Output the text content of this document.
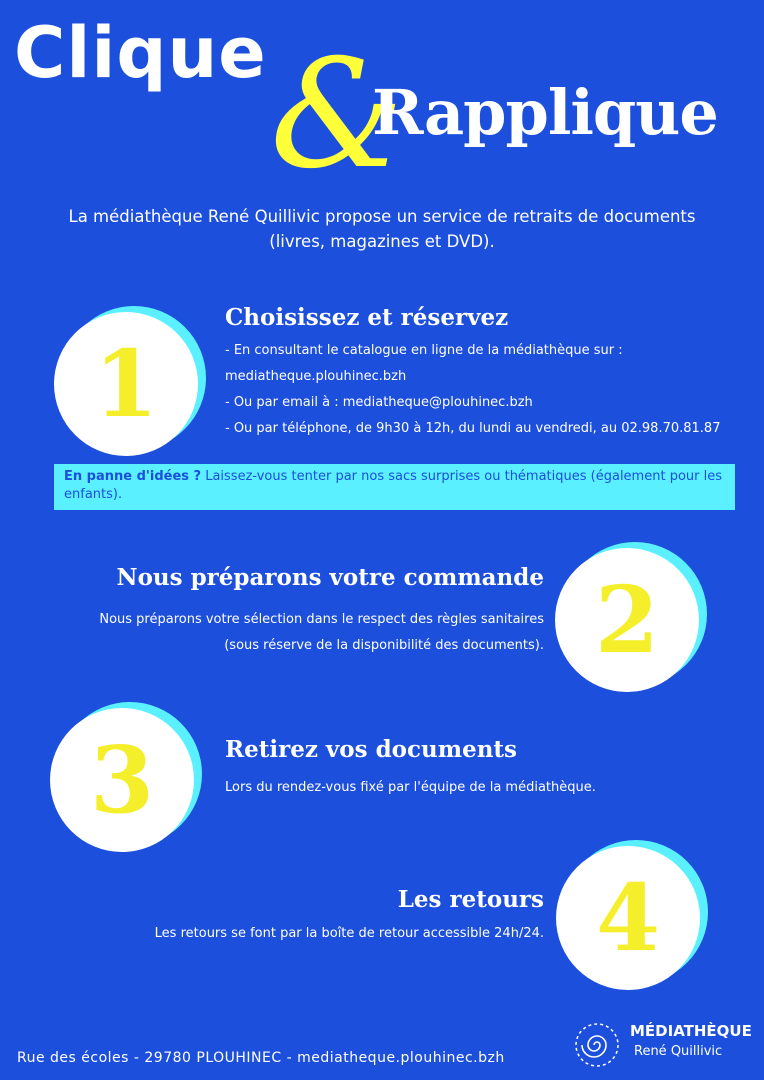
Clique &
Rapplique
La médiathèque René Quillivic propose un service de retraits de documents (livres, magazines et DVD).
1
Choisissez et réservez
- En consultant le catalogue en ligne de la médiathèque sur :
mediatheque.plouhinec.bzh
- Ou par email à : mediatheque@plouhinec.bzh
- Ou par téléphone, de 9h30 à 12h, du lundi au vendredi, au 02.98.70.81.87
En panne d'idées ? Laissez-vous tenter par nos sacs surprises ou thématiques (également pour les enfants).
2
Nous préparons votre commande
Nous préparons votre sélection dans le respect des règles sanitaires
(sous réserve de la disponibilité des documents).
3	Retirez vos documents
Lors du rendez-vous fixé par l'équipe de la médiathèque.
4
Les retours
Les retours se font par la boîte de retour accessible 24h/24.
Rue des écoles - 29780 PLOUHINEC - mediatheque.plouhinec.bzh
MÉDIATHÈQUE
René Quillivic
